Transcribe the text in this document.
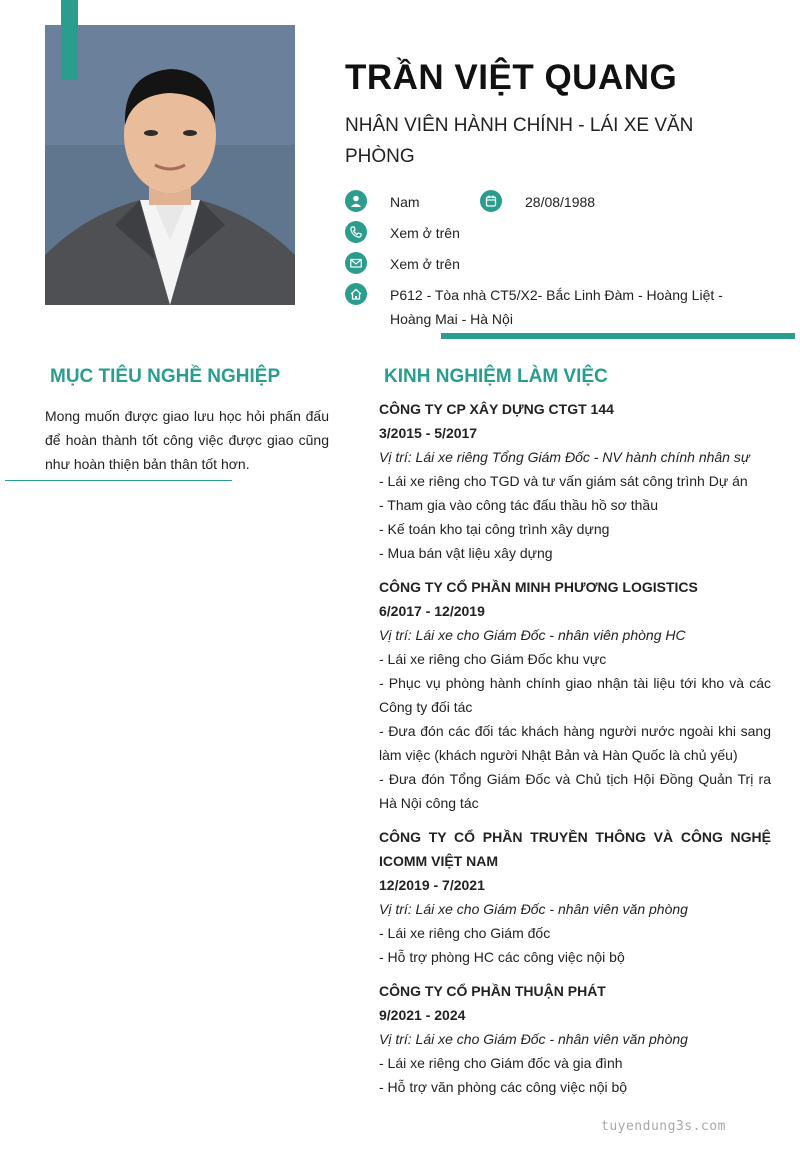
TRẦN VIỆT QUANG
NHÂN VIÊN HÀNH CHÍNH - LÁI XE VĂN PHÒNG
Nam	28/08/1988
Xem ở trên
Xem ở trên
P612 - Tòa nhà CT5/X2- Bắc Linh Đàm - Hoàng Liệt - Hoàng Mai - Hà Nội
MỤC TIÊU NGHỀ NGHIỆP
Mong muốn được giao lưu học hỏi phấn đấu để hoàn thành tốt công việc được giao cũng như hoàn thiện bản thân tốt hơn.
KINH NGHIỆM LÀM VIỆC
CÔNG TY CP XÂY DỰNG CTGT 144
3/2015 - 5/2017
Vị trí: Lái xe riêng Tổng Giám Đốc - NV hành chính nhân sự
- Lái xe riêng cho TGD và tư vấn giám sát công trình Dự án
- Tham gia vào công tác đấu thầu hồ sơ thầu
- Kế toán kho tại công trình xây dựng
- Mua bán vật liệu xây dựng
CÔNG TY CỔ PHẦN MINH PHƯƠNG LOGISTICS
6/2017 - 12/2019
Vị trí: Lái xe cho Giám Đốc - nhân viên phòng HC
- Lái xe riêng cho Giám Đốc khu vực
- Phục vụ phòng hành chính giao nhận tài liệu tới kho và các Công ty đối tác
- Đưa đón các đối tác khách hàng người nước ngoài khi sang làm việc (khách người Nhật Bản và Hàn Quốc là chủ yếu)
- Đưa đón Tổng Giám Đốc và Chủ tịch Hội Đồng Quản Trị ra Hà Nội công tác
CÔNG TY CỔ PHẦN TRUYỀN THÔNG VÀ CÔNG NGHỆ ICOMM VIỆT NAM
12/2019 - 7/2021
Vị trí: Lái xe cho Giám Đốc - nhân viên văn phòng
- Lái xe riêng cho Giám đốc
- Hỗ trợ phòng HC các công việc nội bộ
CÔNG TY CỔ PHẦN THUẬN PHÁT
9/2021 - 2024
Vị trí: Lái xe cho Giám Đốc - nhân viên văn phòng
- Lái xe riêng cho Giám đốc và gia đình
- Hỗ trợ văn phòng các công việc nội bộ
tuyendung3s.com
